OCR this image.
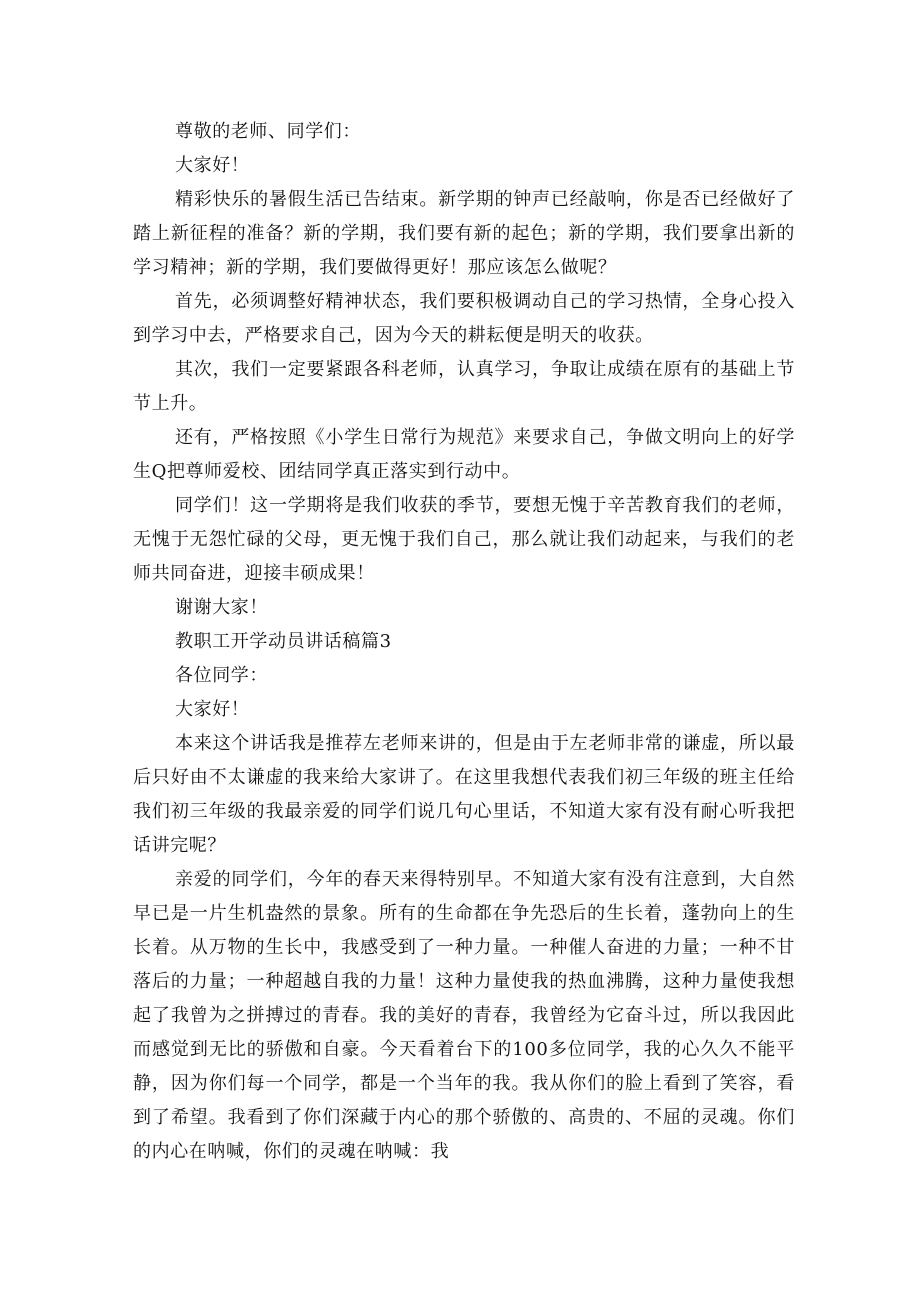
尊敬的老师、同学们：

大家好！

精彩快乐的暑假生活已告结束。新学期的钟声已经敲响，你是否已经做好了踏上新征程的准备？新的学期，我们要有新的起色；新的学期，我们要拿出新的学习精神；新的学期，我们要做得更好！那应该怎么做呢？

首先，必须调整好精神状态，我们要积极调动自己的学习热情，全身心投入到学习中去，严格要求自己，因为今天的耕耘便是明天的收获。

其次，我们一定要紧跟各科老师，认真学习，争取让成绩在原有的基础上节节上升。

还有，严格按照《小学生日常行为规范》来要求自己，争做文明向上的好学生Q把尊师爱校、团结同学真正落实到行动中。

同学们！这一学期将是我们收获的季节，要想无愧于辛苦教育我们的老师，无愧于无怨忙碌的父母，更无愧于我们自己，那么就让我们动起来，与我们的老师共同奋进，迎接丰硕成果！

谢谢大家！

教职工开学动员讲话稿篇3

各位同学：

大家好！

本来这个讲话我是推荐左老师来讲的，但是由于左老师非常的谦虚，所以最后只好由不太谦虚的我来给大家讲了。在这里我想代表我们初三年级的班主任给我们初三年级的我最亲爱的同学们说几句心里话，不知道大家有没有耐心听我把话讲完呢？

亲爱的同学们，今年的春天来得特别早。不知道大家有没有注意到，大自然早已是一片生机盎然的景象。所有的生命都在争先恐后的生长着，蓬勃向上的生长着。从万物的生长中，我感受到了一种力量。一种催人奋进的力量；一种不甘落后的力量；一种超越自我的力量！这种力量使我的热血沸腾，这种力量使我想起了我曾为之拼搏过的青春。我的美好的青春，我曾经为它奋斗过，所以我因此而感觉到无比的骄傲和自豪。今天看着台下的100多位同学，我的心久久不能平静，因为你们每一个同学，都是一个当年的我。我从你们的脸上看到了笑容，看到了希望。我看到了你们深藏于内心的那个骄傲的、高贵的、不屈的灵魂。你们的内心在呐喊，你们的灵魂在呐喊：我
